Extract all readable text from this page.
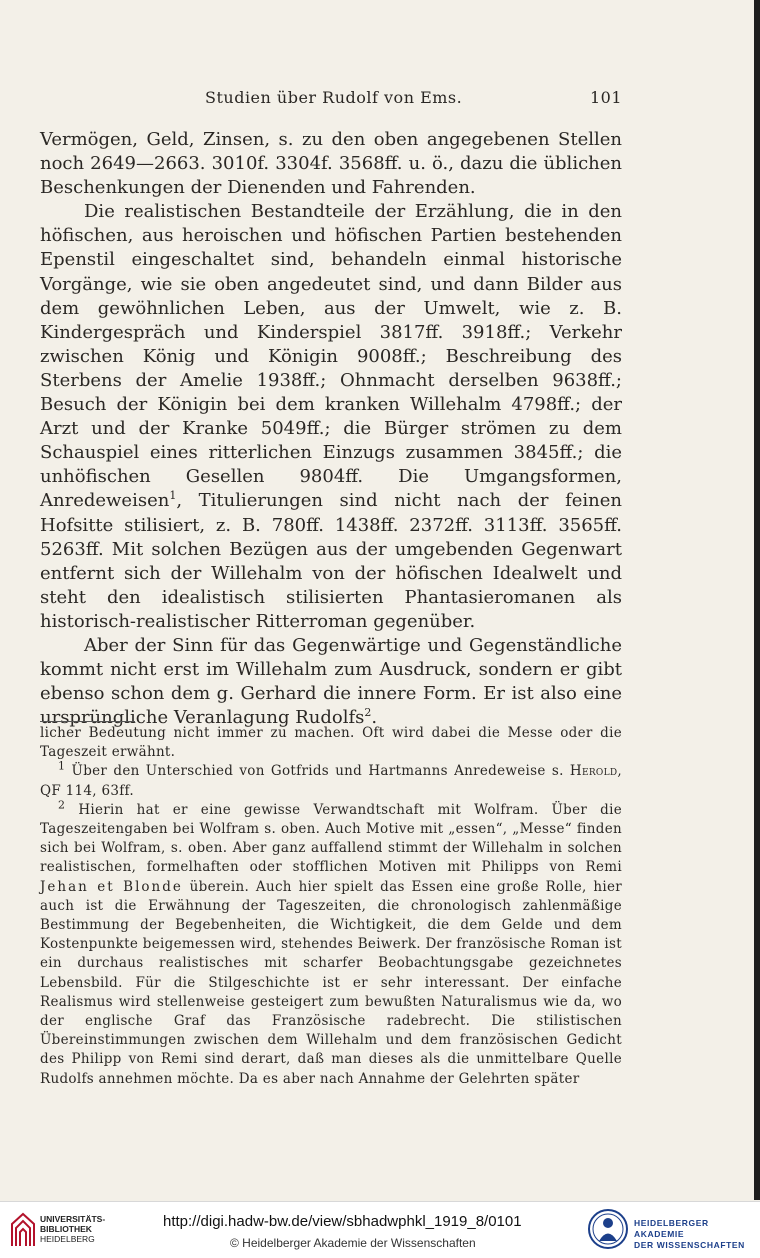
Studien über Rudolf von Ems.	101

Vermögen, Geld, Zinsen, s. zu den oben angegebenen Stellen noch 2649—2663. 3010f. 3304f. 3568ff. u. ö., dazu die üblichen Beschenkungen der Dienenden und Fahrenden.

Die realistischen Bestandteile der Erzählung, die in den höfischen, aus heroischen und höfischen Partien bestehenden Epenstil eingeschaltet sind, behandeln einmal historische Vorgänge, wie sie oben angedeutet sind, und dann Bilder aus dem gewöhnlichen Leben, aus der Umwelt, wie z. B. Kindergespräch und Kinderspiel 3817ff. 3918ff.; Verkehr zwischen König und Königin 9008ff.; Beschreibung des Sterbens der Amelie 1938ff.; Ohnmacht derselben 9638ff.; Besuch der Königin bei dem kranken Willehalm 4798ff.; der Arzt und der Kranke 5049ff.; die Bürger strömen zu dem Schauspiel eines ritterlichen Einzugs zusammen 3845ff.; die unhöfischen Gesellen 9804ff. Die Umgangsformen, Anredeweisen$^1$, Titulierungen sind nicht nach der feinen Hofsitte stilisiert, z. B. 780ff. 1438ff. 2372ff. 3113ff. 3565ff. 5263ff. Mit solchen Bezügen aus der umgebenden Gegenwart entfernt sich der Willehalm von der höfischen Idealwelt und steht den idealistisch stilisierten Phantasieromanen als historisch-realistischer Ritterroman gegenüber.

Aber der Sinn für das Gegenwärtige und Gegenständliche kommt nicht erst im Willehalm zum Ausdruck, sondern er gibt ebenso schon dem g. Gerhard die innere Form. Er ist also eine ursprüngliche Veranlagung Rudolfs$^2$.

licher Bedeutung nicht immer zu machen. Oft wird dabei die Messe oder die Tageszeit erwähnt.

$^1$ Über den Unterschied von Gotfrids und Hartmanns Anredeweise s. Herold, QF 114, 63ff.

$^2$ Hierin hat er eine gewisse Verwandtschaft mit Wolfram. Über die Tageszeitengaben bei Wolfram s. oben. Auch Motive mit „essen“, „Messe“ finden sich bei Wolfram, s. oben. Aber ganz auffallend stimmt der Willehalm in solchen realistischen, formelhaften oder stofflichen Motiven mit Philipps von Remi Jehan et Blonde überein. Auch hier spielt das Essen eine große Rolle, hier auch ist die Erwähnung der Tageszeiten, die chronologisch zahlenmäßige Bestimmung der Begebenheiten, die Wichtigkeit, die dem Gelde und dem Kostenpunkte beigemessen wird, stehendes Beiwerk. Der französische Roman ist ein durchaus realistisches mit scharfer Beobachtungsgabe gezeichnetes Lebensbild. Für die Stilgeschichte ist er sehr interessant. Der einfache Realismus wird stellenweise gesteigert zum bewußten Naturalismus wie da, wo der englische Graf das Französische radebrecht. Die stilistischen Übereinstimmungen zwischen dem Willehalm und dem französischen Gedicht des Philipp von Remi sind derart, daß man dieses als die unmittelbare Quelle Rudolfs annehmen möchte. Da es aber nach Annahme der Gelehrten später

UNIVERSITÄTS-
BIBLIOTHEK
HEIDELBERG
http://digi.hadw-bw.de/view/sbhadwphkl_1919_8/0101
© Heidelberger Akademie der Wissenschaften
HEIDELBERGER AKADEMIE
DER WISSENSCHAFTEN
